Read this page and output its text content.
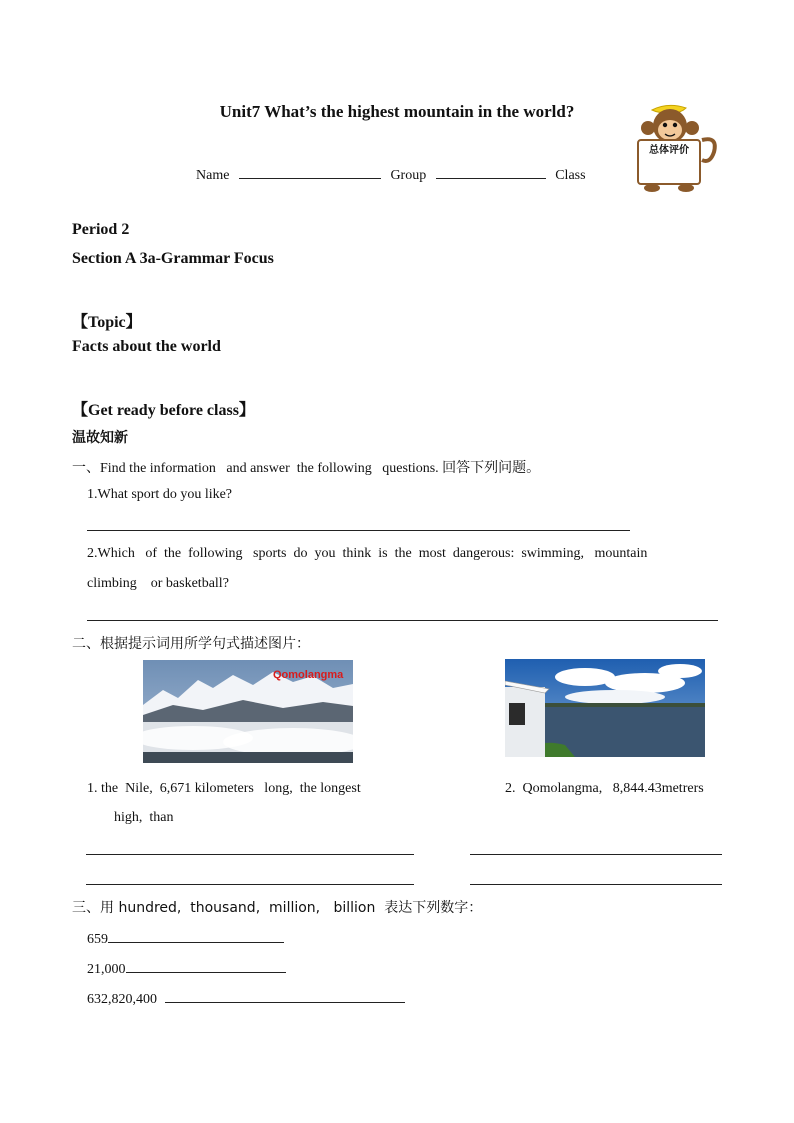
Unit7 What’s the highest mountain in the world?
Name	Group	Class
总体评价
Period 2
Section A 3a-Grammar Focus
【Topic】
Facts about the world
【Get ready before class】
温故知新
一、Find the information   and answer  the following   questions. 回答下列问题。
1.What sport do you like?
2.Which   of  the  following   sports  do  you  think  is  the  most  dangerous:  swimming,   mountain
climbing    or basketball?
二、根据提示词用所学句式描述图片：
Qomolangma
1. the  Nile,  6,671 kilometers   long,  the longest
high,  than
2.  Qomolangma,   8,844.43metrers
三、用 hundred,  thousand,  million,   billion  表达下列数字：
659
21,000
632,820,400
